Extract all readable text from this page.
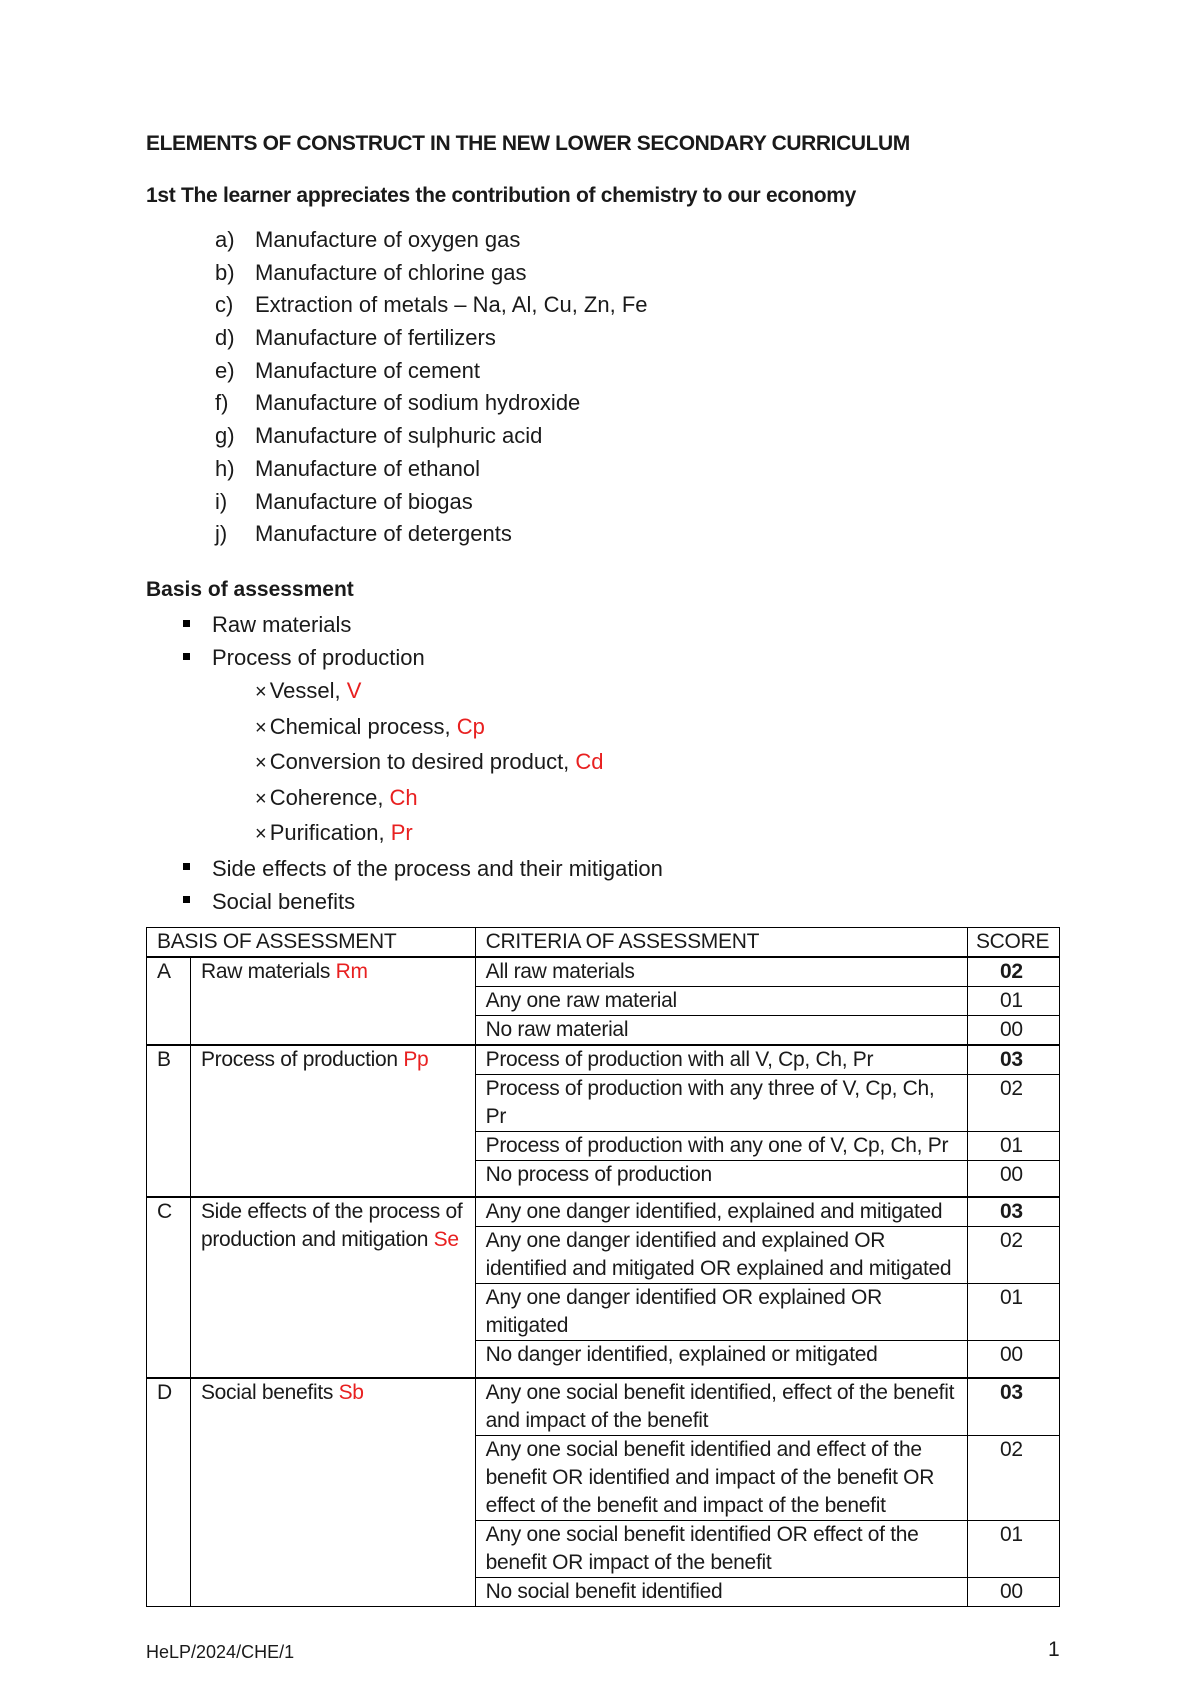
ELEMENTS OF CONSTRUCT IN THE NEW LOWER SECONDARY CURRICULUM
1st The learner appreciates the contribution of chemistry to our economy
a) Manufacture of oxygen gas
b) Manufacture of chlorine gas
c) Extraction of metals – Na, Al, Cu, Zn, Fe
d) Manufacture of fertilizers
e) Manufacture of cement
f)	Manufacture of sodium hydroxide
g) Manufacture of sulphuric acid
h) Manufacture of ethanol
i)	Manufacture of biogas
j)	Manufacture of detergents
Basis of assessment
Raw materials
Process of production
× Vessel, V
× Chemical process, Cp
× Conversion to desired product, Cd
× Coherence, Ch
× Purification, Pr
Side effects of the process and their mitigation
Social benefits
BASIS OF ASSESSMENT		CRITERIA OF ASSESSMENT	SCORE
A	Raw materials Rm	All raw materials	02
		Any one raw material	01
		No raw material	00
B	Process of production Pp	Process of production with all V, Cp, Ch, Pr	03
		Process of production with any three of V, Cp, Ch, Pr	02
		Process of production with any one of V, Cp, Ch, Pr	01
		No process of production	00
C	Side effects of the process of production and mitigation Se	Any one danger identified, explained and mitigated	03
		Any one danger identified and explained OR identified and mitigated OR explained and mitigated	02
		Any one danger identified OR explained OR mitigated	01
		No danger identified, explained or mitigated	00
D	Social benefits Sb	Any one social benefit identified, effect of the benefit and impact of the benefit	03
		Any one social benefit identified and effect of the benefit OR identified and impact of the benefit OR effect of the benefit and impact of the benefit	02
		Any one social benefit identified OR effect of the benefit OR impact of the benefit	01
		No social benefit identified	00
HeLP/2024/CHE/1	1
